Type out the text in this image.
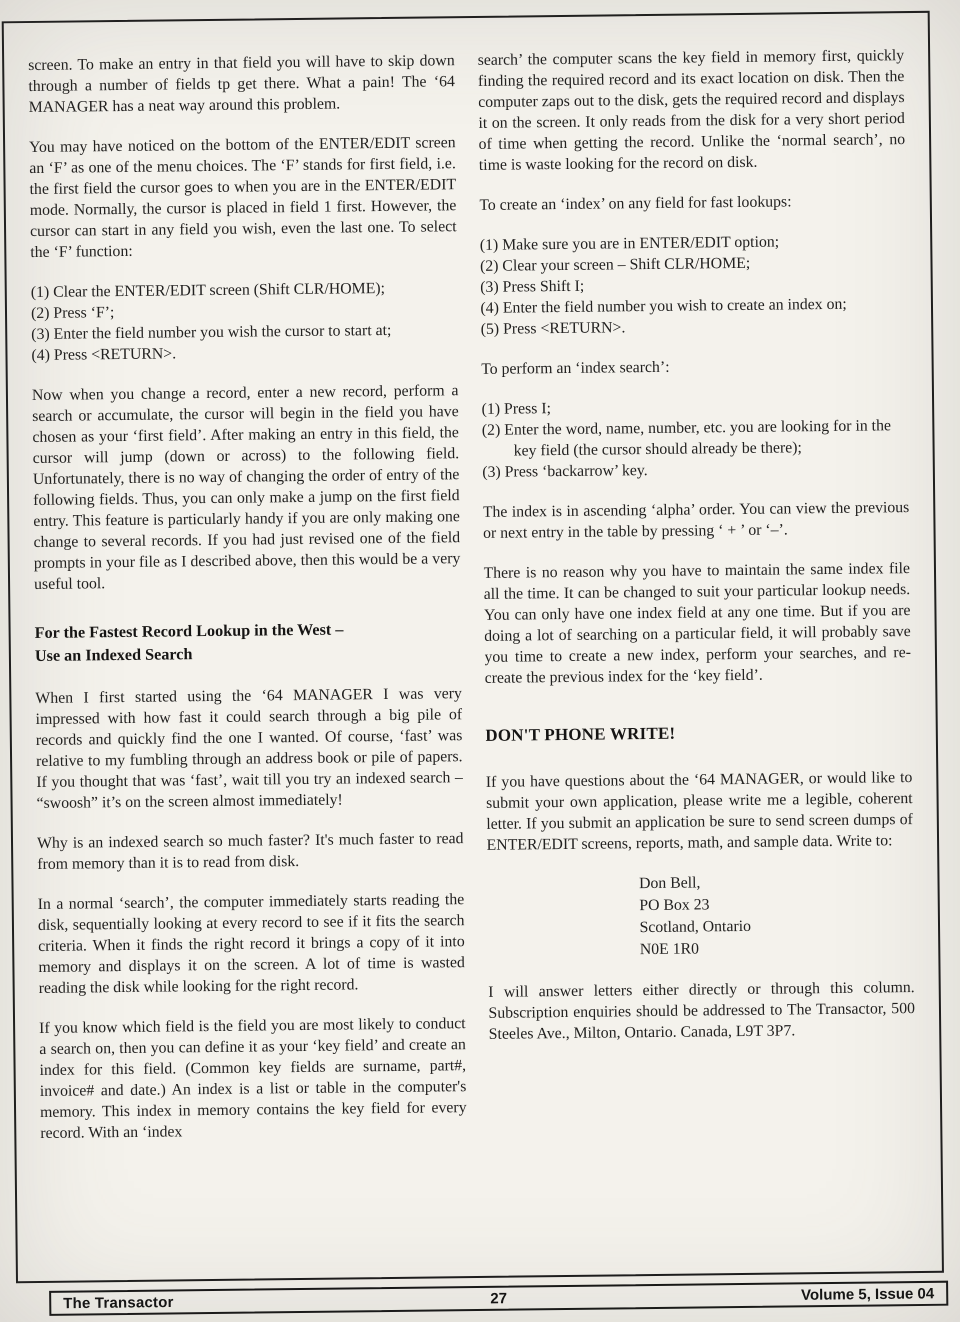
screen. To make an entry in that field you will have to skip down through a number of fields tp get there. What a pain! The ‘64 MANAGER has a neat way around this problem.

You may have noticed on the bottom of the ENTER/EDIT screen an ‘F’ as one of the menu choices. The ‘F’ stands for first field, i.e. the first field the cursor goes to when you are in the ENTER/EDIT mode. Normally, the cursor is placed in field 1 first. However, the cursor can start in any field you wish, even the last one. To select the ‘F’ function:

(1) Clear the ENTER/EDIT screen (Shift CLR/HOME);
(2) Press ‘F’;
(3) Enter the field number you wish the cursor to start at;
(4) Press <RETURN>.

Now when you change a record, enter a new record, perform a search or accumulate, the cursor will begin in the field you have chosen as your ‘first field’. After making an entry in this field, the cursor will jump (down or across) to the following field. Unfortunately, there is no way of changing the order of entry of the following fields. Thus, you can only make a jump on the first field entry. This feature is particularly handy if you are only making one change to several records. If you had just revised one of the field prompts in your file as I described above, then this would be a very useful tool.

For the Fastest Record Lookup in the West –
Use an Indexed Search

When I first started using the ‘64 MANAGER I was very impressed with how fast it could search through a big pile of records and quickly find the one I wanted. Of course, ‘fast’ was relative to my fumbling through an address book or pile of papers. If you thought that was ‘fast’, wait till you try an indexed search – “swoosh” it’s on the screen almost immediately!

Why is an indexed search so much faster? It's much faster to read from memory than it is to read from disk.

In a normal ‘search’, the computer immediately starts reading the disk, sequentially looking at every record to see if it fits the search criteria. When it finds the right record it brings a copy of it into memory and displays it on the screen. A lot of time is wasted reading the disk while looking for the right record.

If you know which field is the field you are most likely to conduct a search on, then you can define it as your ‘key field’ and create an index for this field. (Common key fields are surname, part#, invoice# and date.) An index is a list or table in the computer's memory. This index in memory contains the key field for every record. With an ‘index

search’ the computer scans the key field in memory first, quickly finding the required record and its exact location on disk. Then the computer zaps out to the disk, gets the required record and displays it on the screen. It only reads from the disk for a very short period of time when getting the record. Unlike the ‘normal search’, no time is waste looking for the record on disk.

To create an ‘index’ on any field for fast lookups:

(1) Make sure you are in ENTER/EDIT option;
(2) Clear your screen – Shift CLR/HOME;
(3) Press Shift I;
(4) Enter the field number you wish to create an index on;
(5) Press <RETURN>.

To perform an ‘index search’:

(1) Press I;
(2) Enter the word, name, number, etc. you are looking for in the key field (the cursor should already be there);
(3) Press ‘backarrow’ key.

The index is in ascending ‘alpha’ order. You can view the previous or next entry in the table by pressing ‘ + ’ or ‘–’.

There is no reason why you have to maintain the same index file all the time. It can be changed to suit your particular lookup needs. You can only have one index field at any one time. But if you are doing a lot of searching on a particular field, it will probably save you time to create a new index, perform your searches, and re-create the previous index for the ‘key field’.

DON'T PHONE WRITE!

If you have questions about the ‘64 MANAGER, or would like to submit your own application, please write me a legible, coherent letter. If you submit an application be sure to send screen dumps of ENTER/EDIT screens, reports, math, and sample data. Write to:

Don Bell,
PO Box 23
Scotland, Ontario
N0E 1R0

I will answer letters either directly or through this column. Subscription enquiries should be addressed to The Transactor, 500 Steeles Ave., Milton, Ontario. Canada, L9T 3P7.

The Transactor	27	Volume 5, Issue 04
